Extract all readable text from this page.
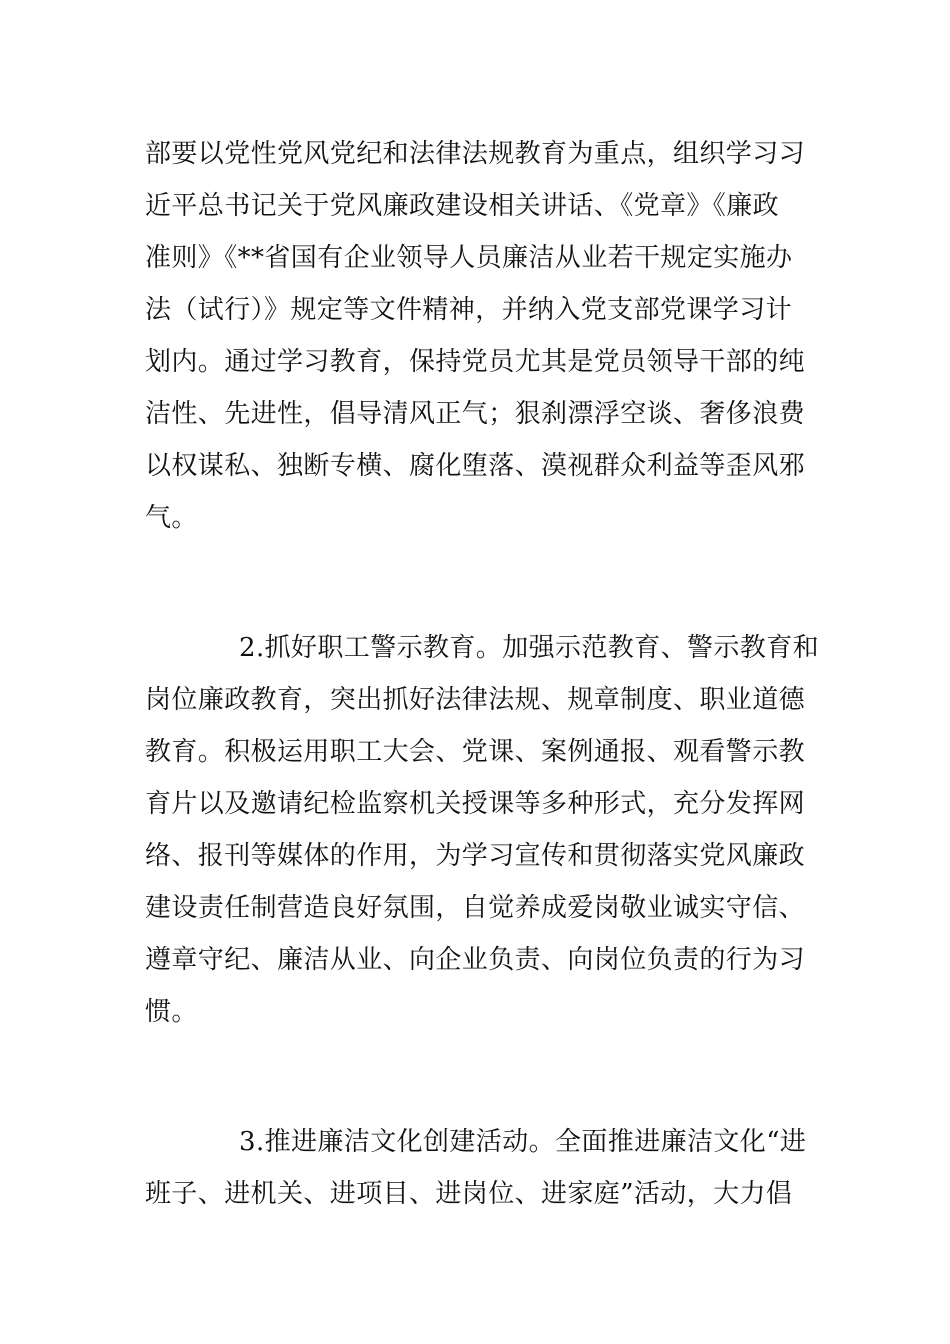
部要以党性党风党纪和法律法规教育为重点，组织学习习
近平总书记关于党风廉政建设相关讲话、《党章》《廉政
准则》《**省国有企业领导人员廉洁从业若干规定实施办
法（试行）》规定等文件精神，并纳入党支部党课学习计
划内。通过学习教育，保持党员尤其是党员领导干部的纯
洁性、先进性，倡导清风正气；狠刹漂浮空谈、奢侈浪费
以权谋私、独断专横、腐化堕落、漠视群众利益等歪风邪
气。
2.抓好职工警示教育。加强示范教育、警示教育和
岗位廉政教育，突出抓好法律法规、规章制度、职业道德
教育。积极运用职工大会、党课、案例通报、观看警示教
育片以及邀请纪检监察机关授课等多种形式，充分发挥网
络、报刊等媒体的作用，为学习宣传和贯彻落实党风廉政
建设责任制营造良好氛围，自觉养成爱岗敬业诚实守信、
遵章守纪、廉洁从业、向企业负责、向岗位负责的行为习
惯。
3.推进廉洁文化创建活动。全面推进廉洁文化“进
班子、进机关、进项目、进岗位、进家庭”活动，大力倡
